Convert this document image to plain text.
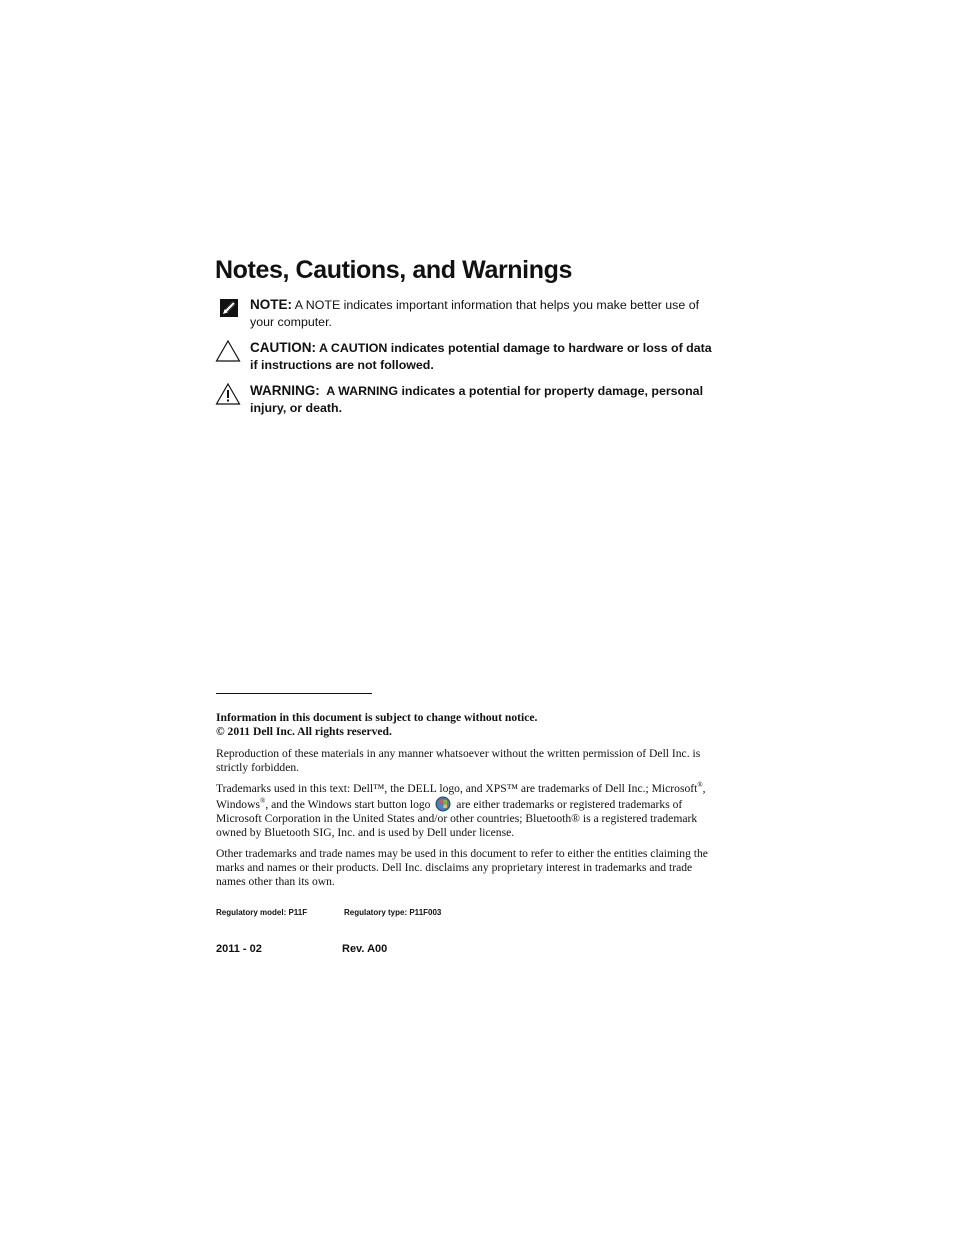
Notes, Cautions, and Warnings
NOTE: A NOTE indicates important information that helps you make better use of your computer.
CAUTION: A CAUTION indicates potential damage to hardware or loss of data if instructions are not followed.
WARNING: A WARNING indicates a potential for property damage, personal injury, or death.

Information in this document is subject to change without notice.
© 2011 Dell Inc. All rights reserved.

Reproduction of these materials in any manner whatsoever without the written permission of Dell Inc. is strictly forbidden.

Trademarks used in this text: Dell™, the DELL logo, and XPS™ are trademarks of Dell Inc.; Microsoft®, Windows®, and the Windows start button logo are either trademarks or registered trademarks of Microsoft Corporation in the United States and/or other countries; Bluetooth® is a registered trademark owned by Bluetooth SIG, Inc. and is used by Dell under license.

Other trademarks and trade names may be used in this document to refer to either the entities claiming the marks and names or their products. Dell Inc. disclaims any proprietary interest in trademarks and trade names other than its own.

Regulatory model: P11F	Regulatory type: P11F003
2011 - 02	Rev. A00
